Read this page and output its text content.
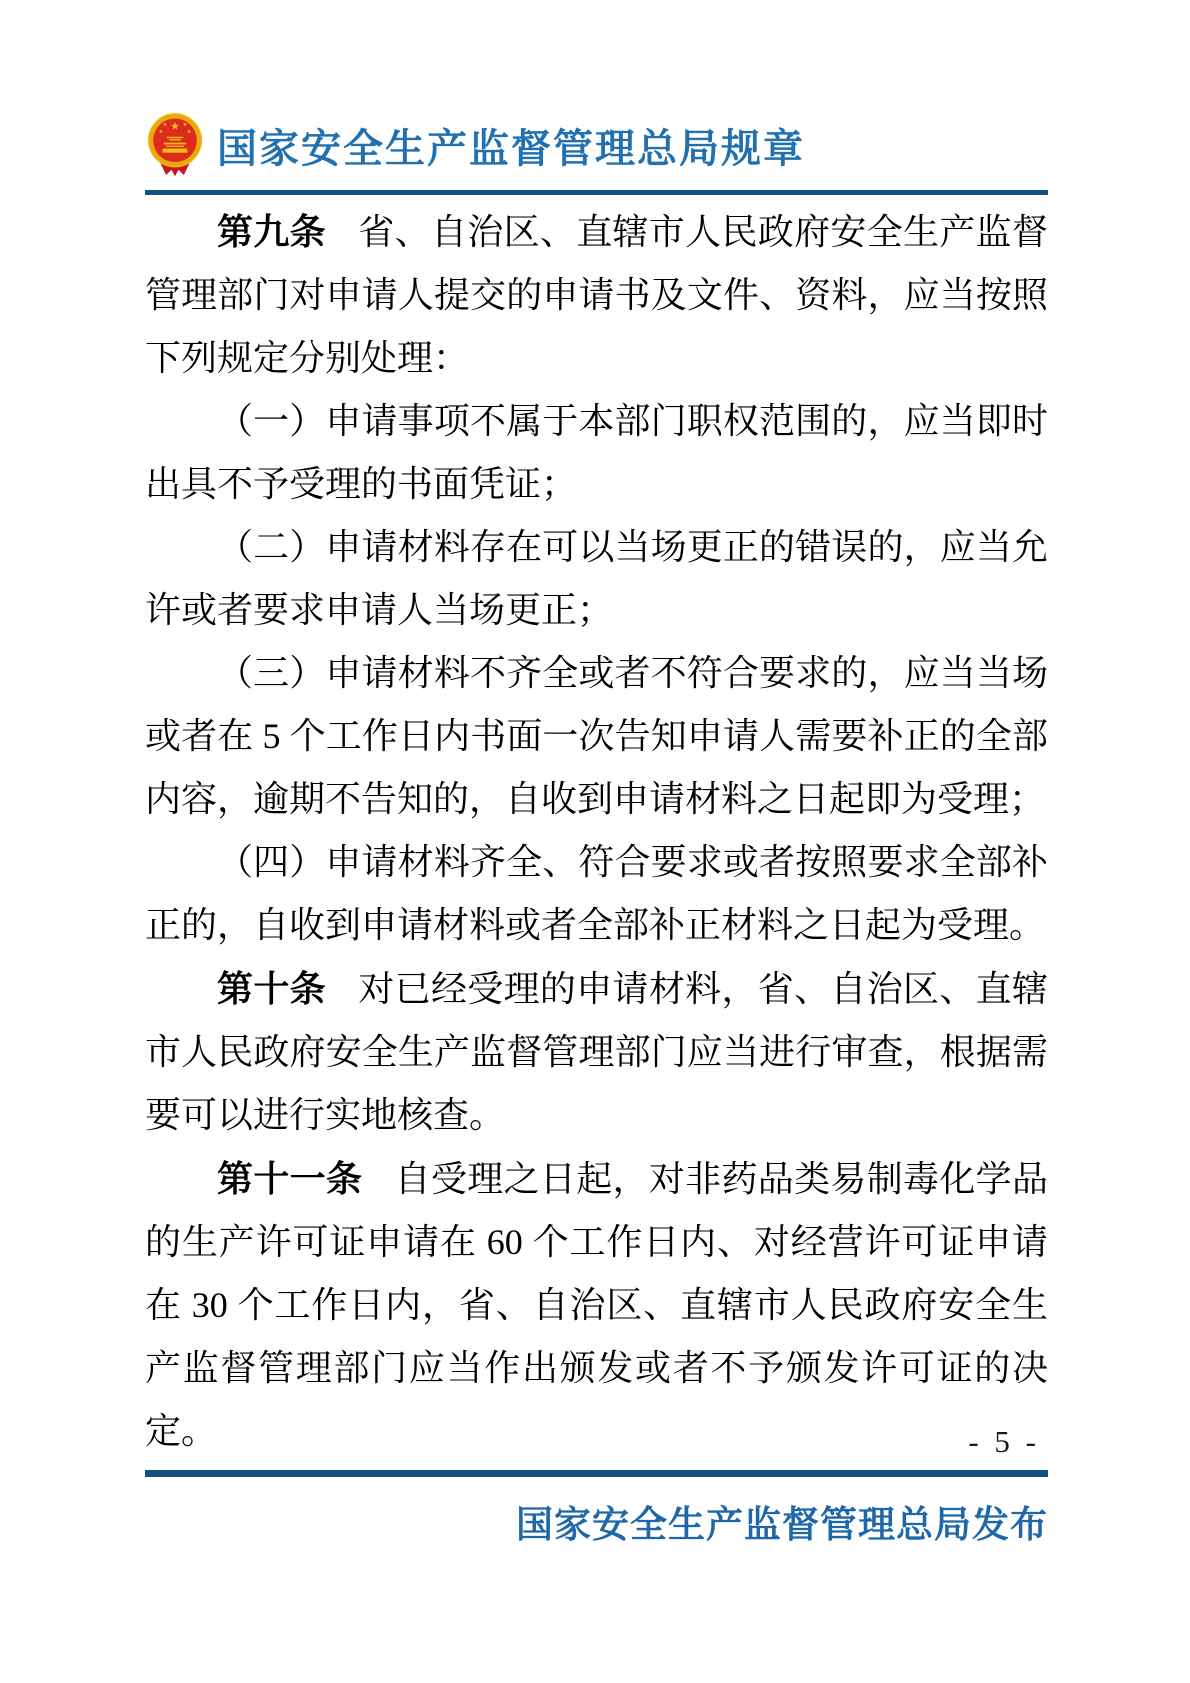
国家安全生产监督管理总局规章

第九条 省、自治区、直辖市人民政府安全生产监督管理部门对申请人提交的申请书及文件、资料，应当按照下列规定分别处理：

（一）申请事项不属于本部门职权范围的，应当即时出具不予受理的书面凭证；

（二）申请材料存在可以当场更正的错误的，应当允许或者要求申请人当场更正；

（三）申请材料不齐全或者不符合要求的，应当当场或者在 5 个工作日内书面一次告知申请人需要补正的全部内容，逾期不告知的，自收到申请材料之日起即为受理；

（四）申请材料齐全、符合要求或者按照要求全部补正的，自收到申请材料或者全部补正材料之日起为受理。

第十条 对已经受理的申请材料，省、自治区、直辖市人民政府安全生产监督管理部门应当进行审查，根据需要可以进行实地核查。

第十一条 自受理之日起，对非药品类易制毒化学品的生产许可证申请在 60 个工作日内、对经营许可证申请在 30 个工作日内，省、自治区、直辖市人民政府安全生产监督管理部门应当作出颁发或者不予颁发许可证的决定。	- 5 -
国家安全生产监督管理总局发布
